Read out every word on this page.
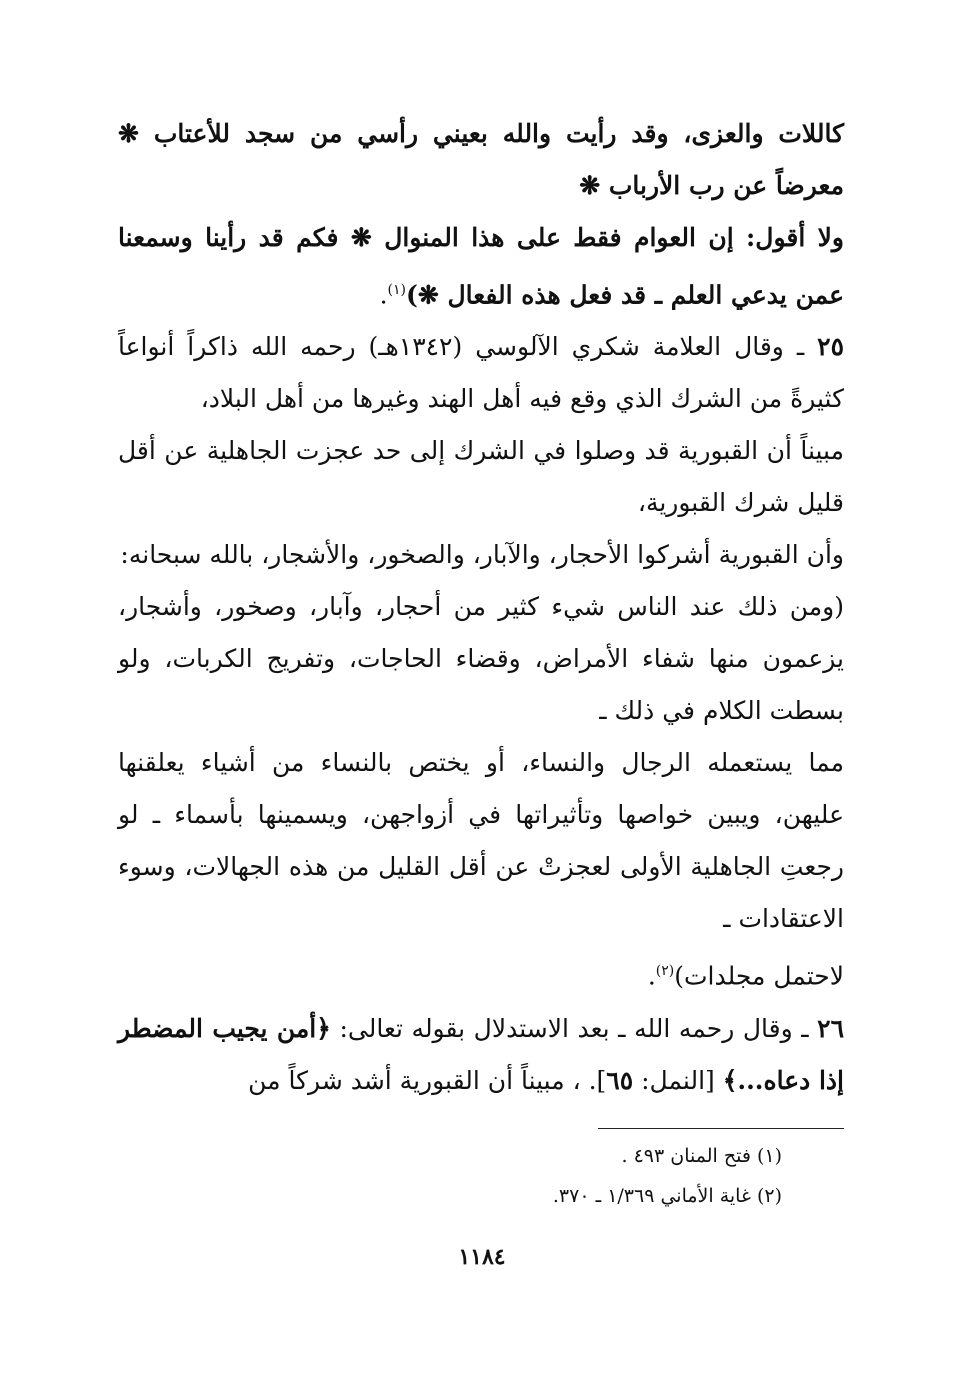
كاللات والعزى، وقد رأيت والله بعيني رأسي من سجد للأعتاب ❋ معرضاً عن رب الأرباب ❋

ولا أقول: إن العوام فقط على هذا المنوال ❋ فكم قد رأينا وسمعنا عمن يدعي العلم ـ قد فعل هذه الفعال ❋)$^{(١)}$.

٢٥ ـ وقال العلامة شكري الآلوسي (١٣٤٢هـ) رحمه الله ذاكراً أنواعاً كثيرةً من الشرك الذي وقع فيه أهل الهند وغيرها من أهل البلاد،

مبيناً أن القبورية قد وصلوا في الشرك إلى حد عجزت الجاهلية عن أقل قليل شرك القبورية،

وأن القبورية أشركوا الأحجار، والآبار، والصخور، والأشجار، بالله سبحانه:

(ومن ذلك عند الناس شيء كثير من أحجار، وآبار، وصخور، وأشجار، يزعمون منها شفاء الأمراض، وقضاء الحاجات، وتفريج الكربات، ولو بسطت الكلام في ذلك ـ

مما يستعمله الرجال والنساء، أو يختص بالنساء من أشياء يعلقنها عليهن، ويبين خواصها وتأثيراتها في أزواجهن، ويسمينها بأسماء ـ لو رجعتِ الجاهلية الأولى لعجزتْ عن أقل القليل من هذه الجهالات، وسوء الاعتقادات ـ

لاحتمل مجلدات)$^{(٢)}$.

٢٦ ـ وقال رحمه الله ـ بعد الاستدلال بقوله تعالى: ﴿أمن يجيب المضطر إذا دعاه...﴾ [النمل: ٦٥]. ، مبيناً أن القبورية أشد شركاً من

(١) فتح المنان ٤٩٣ .

(٢) غاية الأماني ١/٣٦٩ ـ ٣٧٠.

١١٨٤
